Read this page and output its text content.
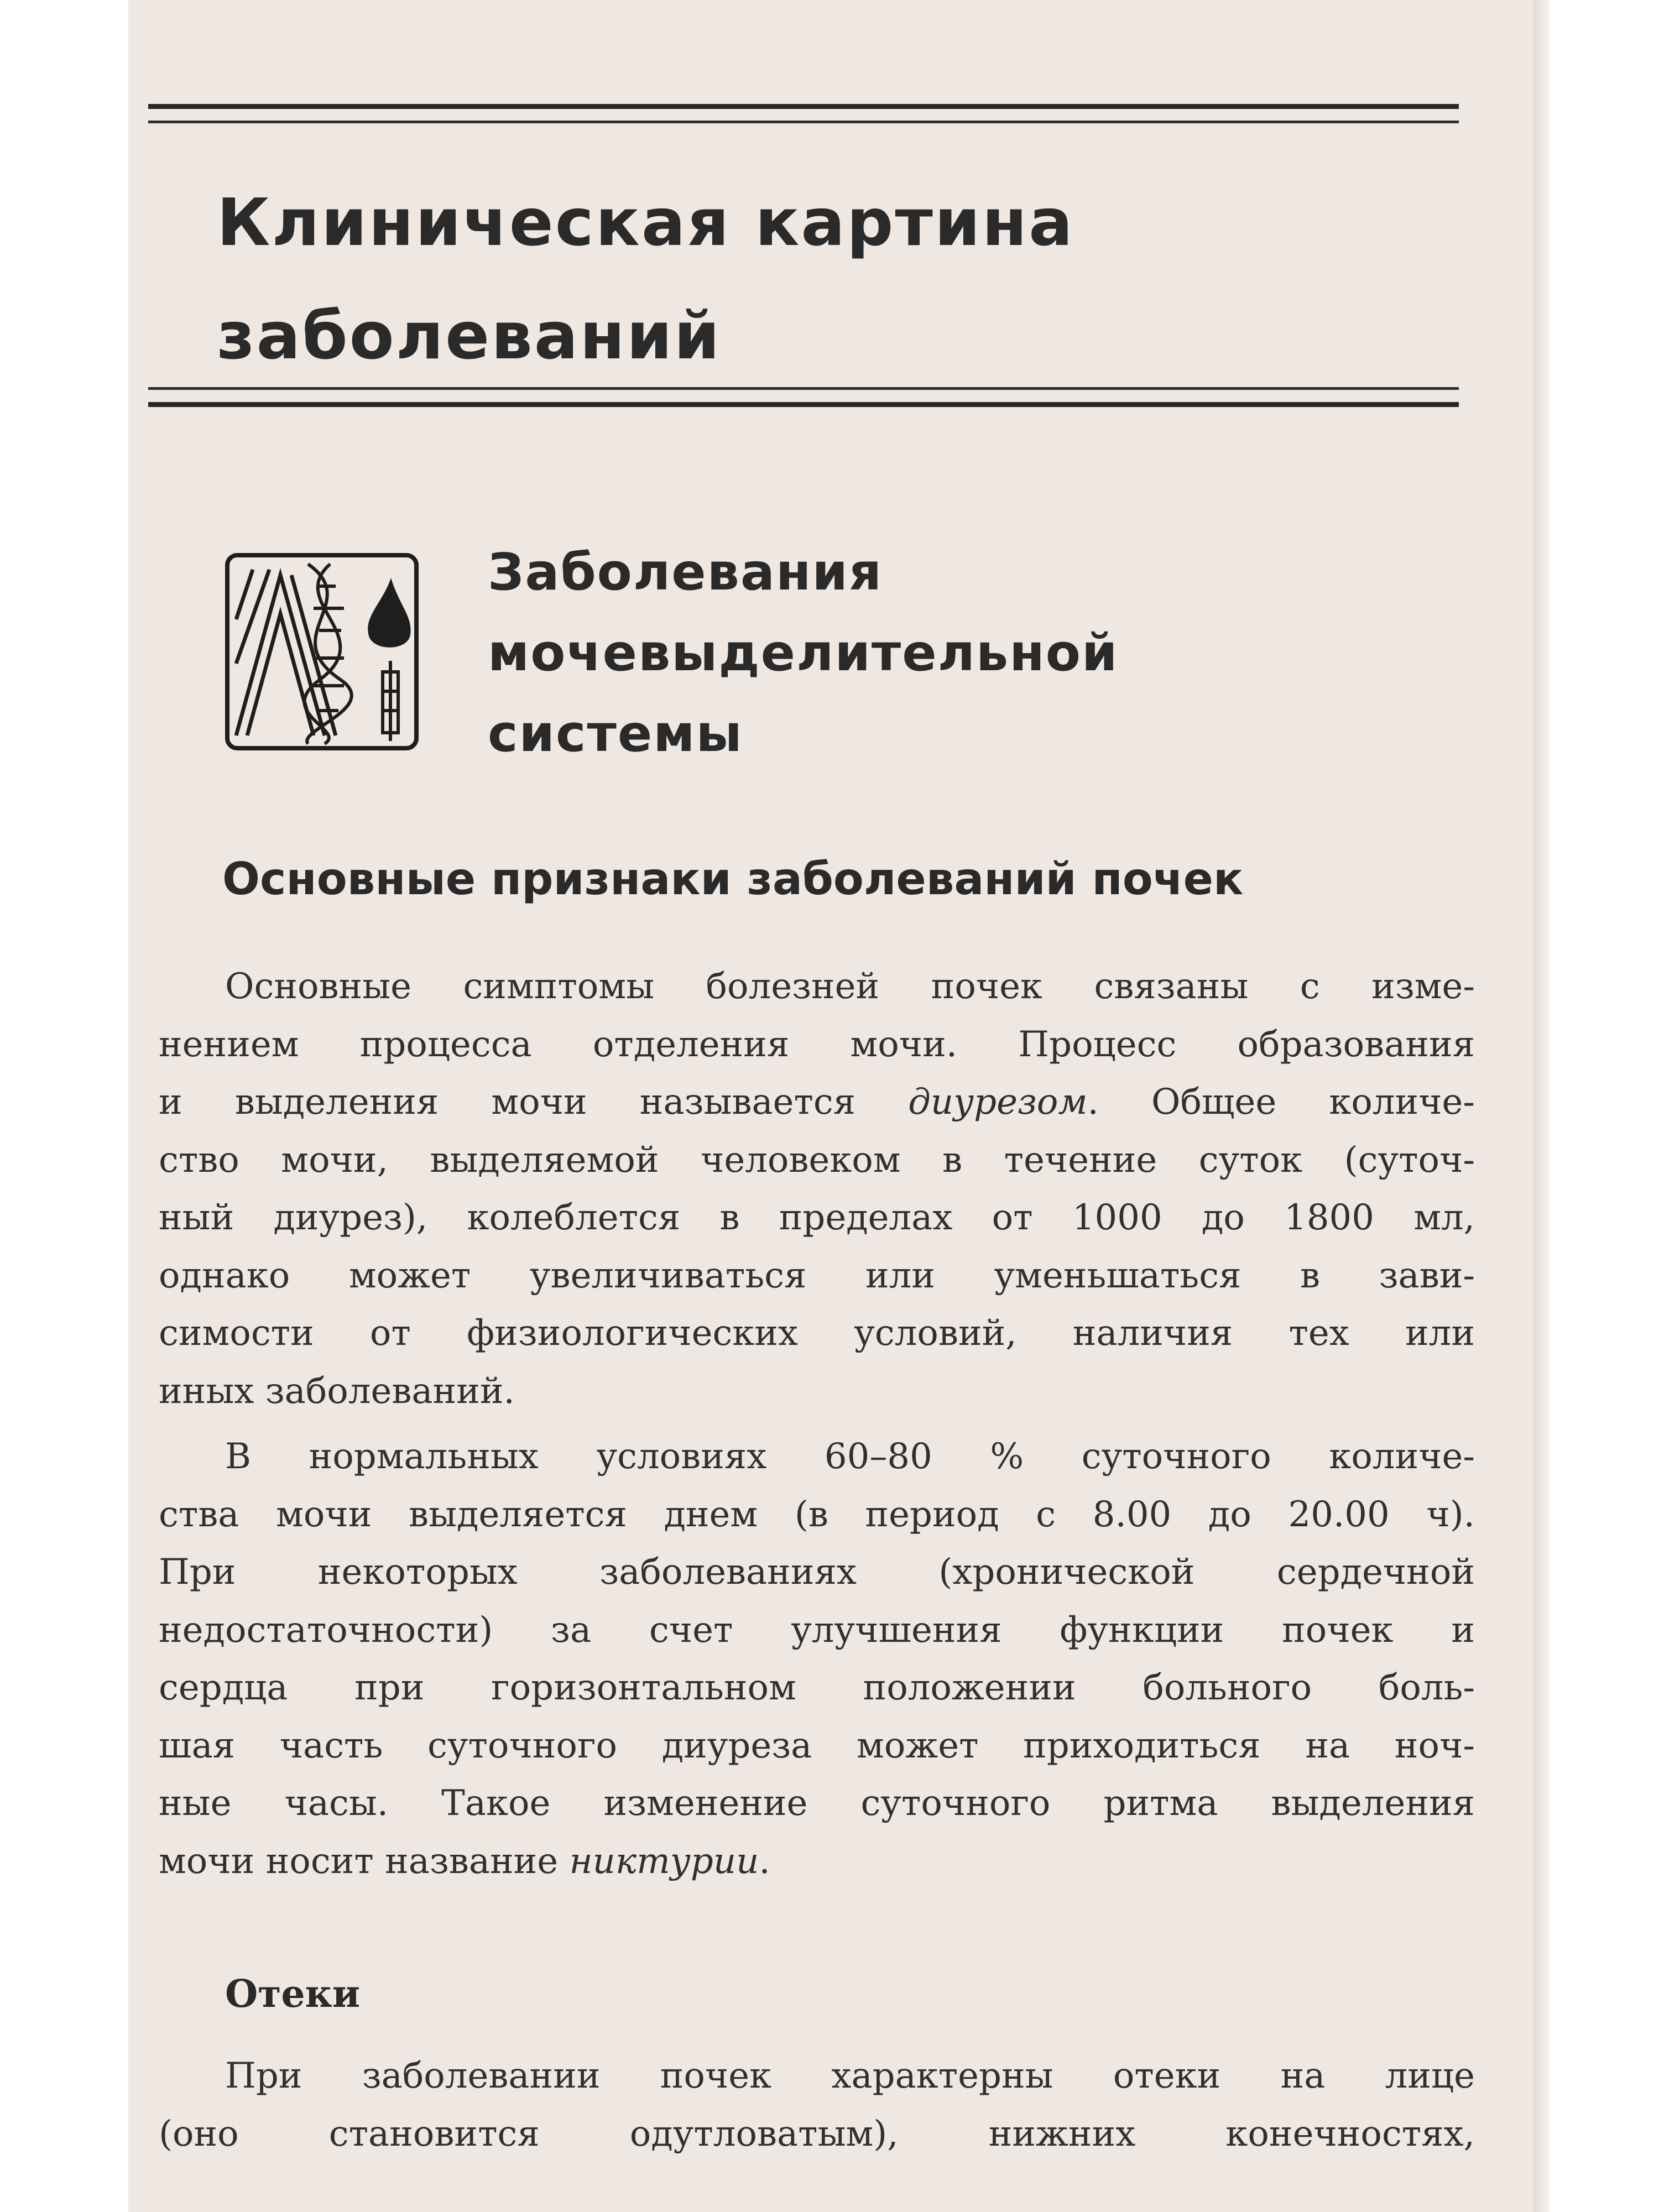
Клиническая картина
заболеваний
Заболевания
мочевыделительной
системы
Основные признаки заболеваний почек
Основные симптомы болезней почек связаны с изме-
нением процесса отделения мочи. Процесс образования
и выделения мочи называется диурезом. Общее количе-
ство мочи, выделяемой человеком в течение суток (суточ-
ный диурез), колеблется в пределах от 1000 до 1800 мл,
однако может увеличиваться или уменьшаться в зави-
симости от физиологических условий, наличия тех или
иных заболеваний.
В нормальных условиях 60–80 % суточного количе-
ства мочи выделяется днем (в период с 8.00 до 20.00 ч).
При некоторых заболеваниях (хронической сердечной
недостаточности) за счет улучшения функции почек и
сердца при горизонтальном положении больного боль-
шая часть суточного диуреза может приходиться на ноч-
ные часы. Такое изменение суточного ритма выделения
мочи носит название никтурии.
Отеки
При заболевании почек характерны отеки на лице
(оно становится одутловатым), нижних конечностях,
